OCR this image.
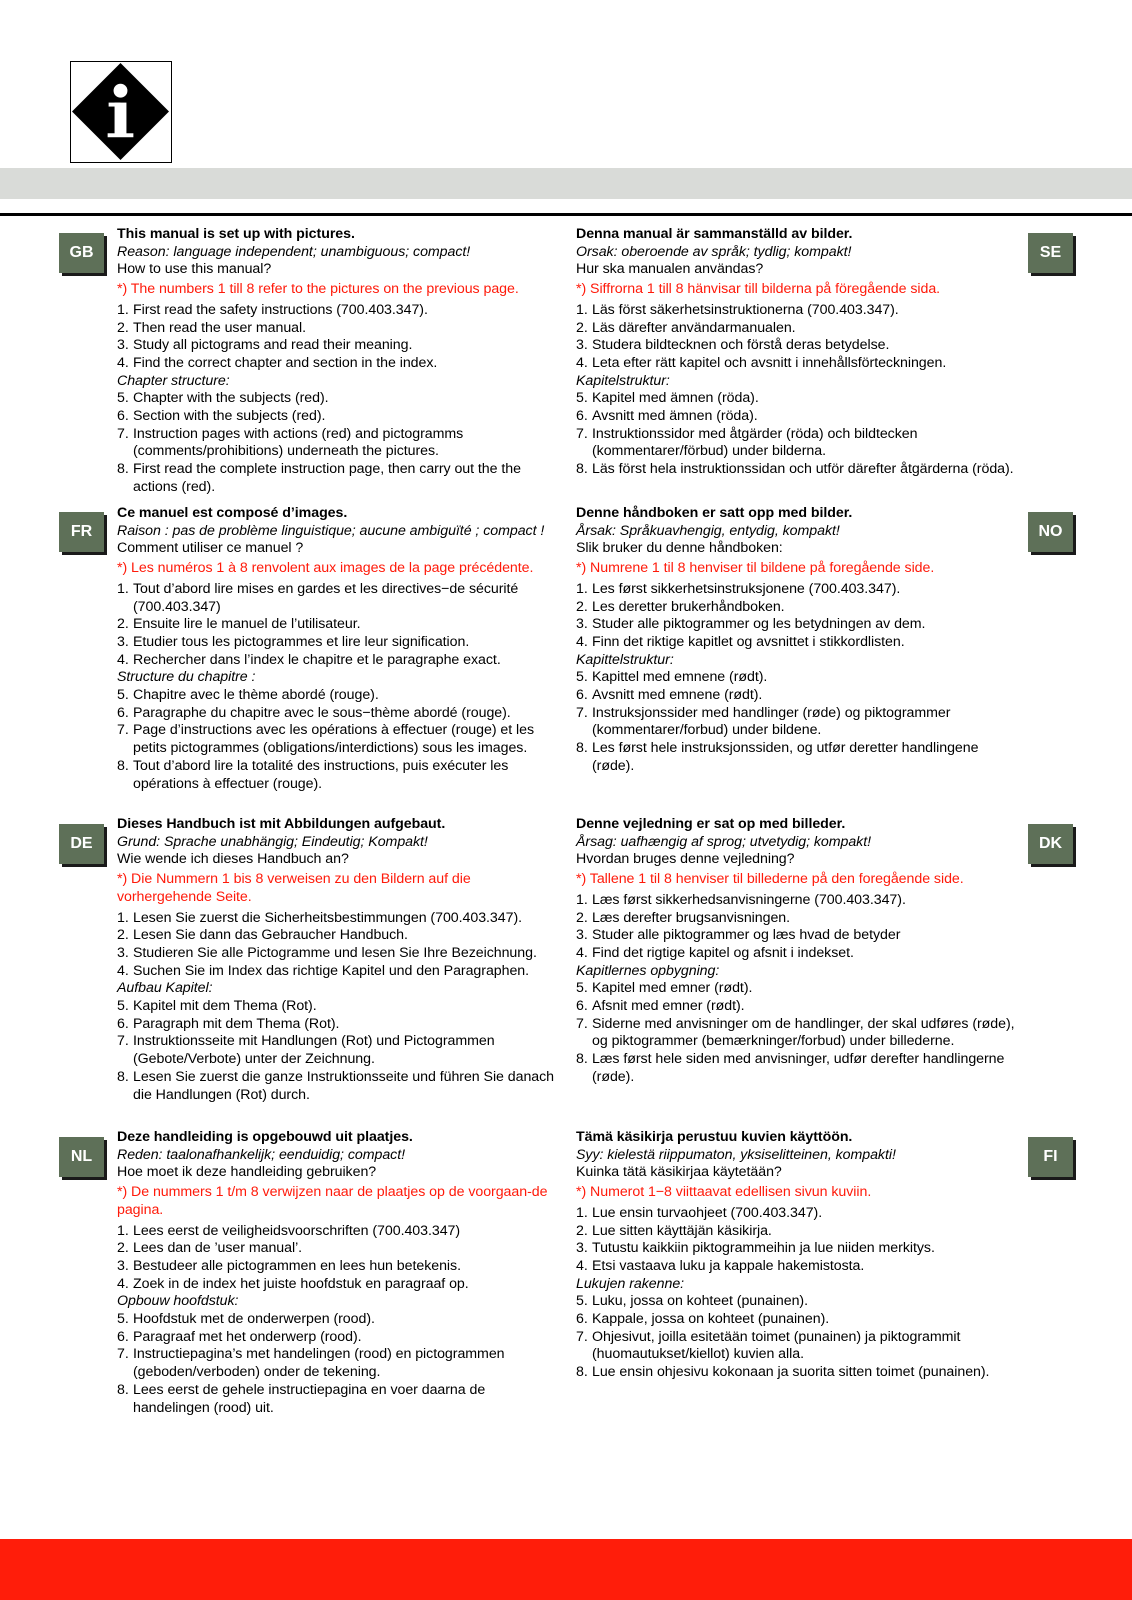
GB	SE
FR	NO
DE	DK
NL	FI

This manual is set up with pictures.

Reason: language independent; unambiguous; compact!

How to use this manual?

*) The numbers 1 till 8 refer to the pictures on the previous page.

1. First read the safety instructions (700.403.347).
2. Then read the user manual.
3. Study all pictograms and read their meaning.
4. Find the correct chapter and section in the index.

Chapter structure:

5. Chapter with the subjects (red).
6. Section with the subjects (red).
7. Instruction pages with actions (red) and pictogramms (comments/prohibitions) underneath the pictures.
8. First read the complete instruction page, then carry out the the actions (red).

Denna manual är sammanställd av bilder.

Orsak: oberoende av språk; tydlig; kompakt!

Hur ska manualen användas?

*) Siffrorna 1 till 8 hänvisar till bilderna på föregående sida.

1. Läs först säkerhetsinstruktionerna (700.403.347).
2. Läs därefter användarmanualen.
3. Studera bildtecknen och förstå deras betydelse.
4. Leta efter rätt kapitel och avsnitt i innehållsförteckningen.

Kapitelstruktur:

5. Kapitel med ämnen (röda).
6. Avsnitt med ämnen (röda).
7. Instruktionssidor med åtgärder (röda) och bildtecken (kommentarer/förbud) under bilderna.
8. Läs först hela instruktionssidan och utför därefter åtgärderna (röda).

Ce manuel est composé d’images.

Raison : pas de problème linguistique; aucune ambiguïté ; compact !

Comment utiliser ce manuel ?

*) Les numéros 1 à 8 renvolent aux images de la page précédente.

1. Tout d’abord lire mises en gardes et les directives−de sécurité (700.403.347)
2. Ensuite lire le manuel de l’utilisateur.
3. Etudier tous les pictogrammes et lire leur signification.
4. Rechercher dans l’index le chapitre et le paragraphe exact.

Structure du chapitre :

5. Chapitre avec le thème abordé (rouge).
6. Paragraphe du chapitre avec le sous−thème abordé (rouge).
7. Page d’instructions avec les opérations à effectuer (rouge) et les petits pictogrammes (obligations/interdictions) sous les images.
8. Tout d’abord lire la totalité des instructions, puis exécuter les opérations à effectuer (rouge).

Denne håndboken er satt opp med bilder.

Årsak: Språkuavhengig, entydig, kompakt!

Slik bruker du denne håndboken:

*) Numrene 1 til 8 henviser til bildene på foregående side.

1. Les først sikkerhetsinstruksjonene (700.403.347).
2. Les deretter brukerhåndboken.
3. Studer alle piktogrammer og les betydningen av dem.
4. Finn det riktige kapitlet og avsnittet i stikkordlisten.

Kapittelstruktur:

5. Kapittel med emnene (rødt).
6. Avsnitt med emnene (rødt).
7. Instruksjonssider med handlinger (røde) og piktogrammer (kommentarer/forbud) under bildene.
8. Les først hele instruksjonssiden, og utfør deretter handlingene (røde).

Dieses Handbuch ist mit Abbildungen aufgebaut.

Grund: Sprache unabhängig; Eindeutig; Kompakt!

Wie wende ich dieses Handbuch an?

*) Die Nummern 1 bis 8 verweisen zu den Bildern auf die vorhergehende Seite.

1. Lesen Sie zuerst die Sicherheitsbestimmungen (700.403.347).
2. Lesen Sie dann das Gebraucher Handbuch.
3. Studieren Sie alle Pictogramme und lesen Sie Ihre Bezeichnung.
4. Suchen Sie im Index das richtige Kapitel und den Paragraphen.

Aufbau Kapitel:

5. Kapitel mit dem Thema (Rot).
6. Paragraph mit dem Thema (Rot).
7. Instruktionsseite mit Handlungen (Rot) und Pictogrammen (Gebote/Verbote) unter der Zeichnung.
8. Lesen Sie zuerst die ganze Instruktionsseite und führen Sie danach die Handlungen (Rot) durch.

Denne vejledning er sat op med billeder.

Årsag: uafhængig af sprog; utvetydig; kompakt!

Hvordan bruges denne vejledning?

*) Tallene 1 til 8 henviser til billederne på den foregående side.

1. Læs først sikkerhedsanvisningerne (700.403.347).
2. Læs derefter brugsanvisningen.
3. Studer alle piktogrammer og læs hvad de betyder
4. Find det rigtige kapitel og afsnit i indekset.

Kapitlernes opbygning:

5. Kapitel med emner (rødt).
6. Afsnit med emner (rødt).
7. Siderne med anvisninger om de handlinger, der skal udføres (røde), og piktogrammer (bemærkninger/forbud) under billederne.
8. Læs først hele siden med anvisninger, udfør derefter handlingerne (røde).

Deze handleiding is opgebouwd uit plaatjes.

Reden: taalonafhankelijk; eenduidig; compact!

Hoe moet ik deze handleiding gebruiken?

*) De nummers 1 t/m 8 verwijzen naar de plaatjes op de voorgaan-de pagina.

1. Lees eerst de veiligheidsvoorschriften (700.403.347)
2. Lees dan de ’user manual’.
3. Bestudeer alle pictogrammen en lees hun betekenis.
4. Zoek in de index het juiste hoofdstuk en paragraaf op.

Opbouw hoofdstuk:

5. Hoofdstuk met de onderwerpen (rood).
6. Paragraaf met het onderwerp (rood).
7. Instructiepagina’s met handelingen (rood) en pictogrammen (geboden/verboden) onder de tekening.
8. Lees eerst de gehele instructiepagina en voer daarna de handelingen (rood) uit.

Tämä käsikirja perustuu kuvien käyttöön.

Syy: kielestä riippumaton, yksiselitteinen, kompakti!

Kuinka tätä käsikirjaa käytetään?

*) Numerot 1−8 viittaavat edellisen sivun kuviin.

1. Lue ensin turvaohjeet (700.403.347).
2. Lue sitten käyttäjän käsikirja.
3. Tutustu kaikkiin piktogrammeihin ja lue niiden merkitys.
4. Etsi vastaava luku ja kappale hakemistosta.

Lukujen rakenne:

5. Luku, jossa on kohteet (punainen).
6. Kappale, jossa on kohteet (punainen).
7. Ohjesivut, joilla esitetään toimet (punainen) ja piktogrammit (huomautukset/kiellot) kuvien alla.
8. Lue ensin ohjesivu kokonaan ja suorita sitten toimet (punainen).
